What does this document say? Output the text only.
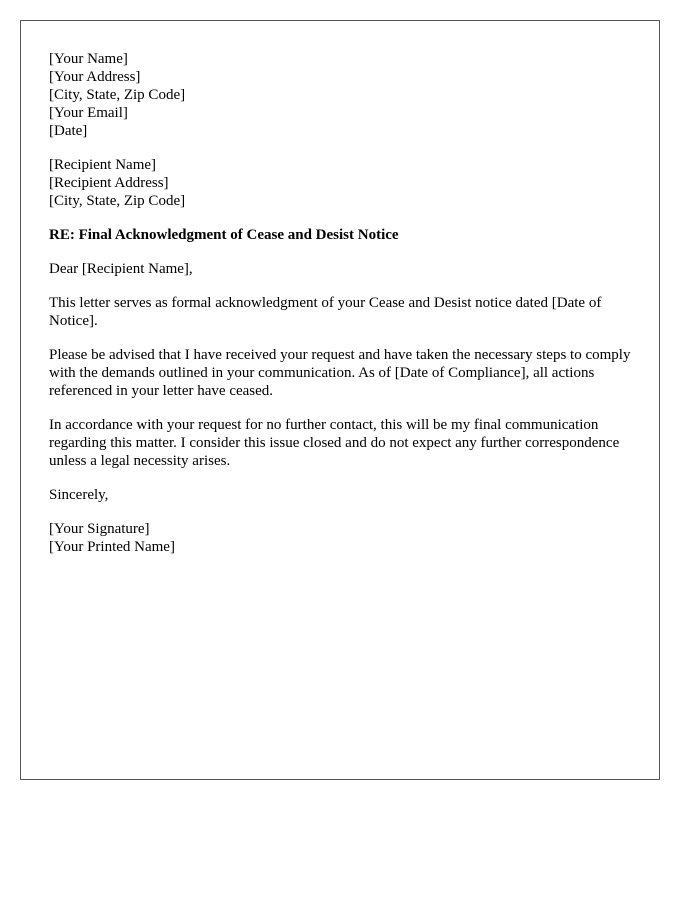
[Your Name]
[Your Address]
[City, State, Zip Code]
[Your Email]
[Date]
[Recipient Name]
[Recipient Address]
[City, State, Zip Code]
RE: Final Acknowledgment of Cease and Desist Notice

Dear [Recipient Name],

This letter serves as formal acknowledgment of your Cease and Desist notice dated [Date of Notice].

Please be advised that I have received your request and have taken the necessary steps to comply with the demands outlined in your communication. As of [Date of Compliance], all actions referenced in your letter have ceased.

In accordance with your request for no further contact, this will be my final communication regarding this matter. I consider this issue closed and do not expect any further correspondence unless a legal necessity arises.

Sincerely,

[Your Signature]
[Your Printed Name]
